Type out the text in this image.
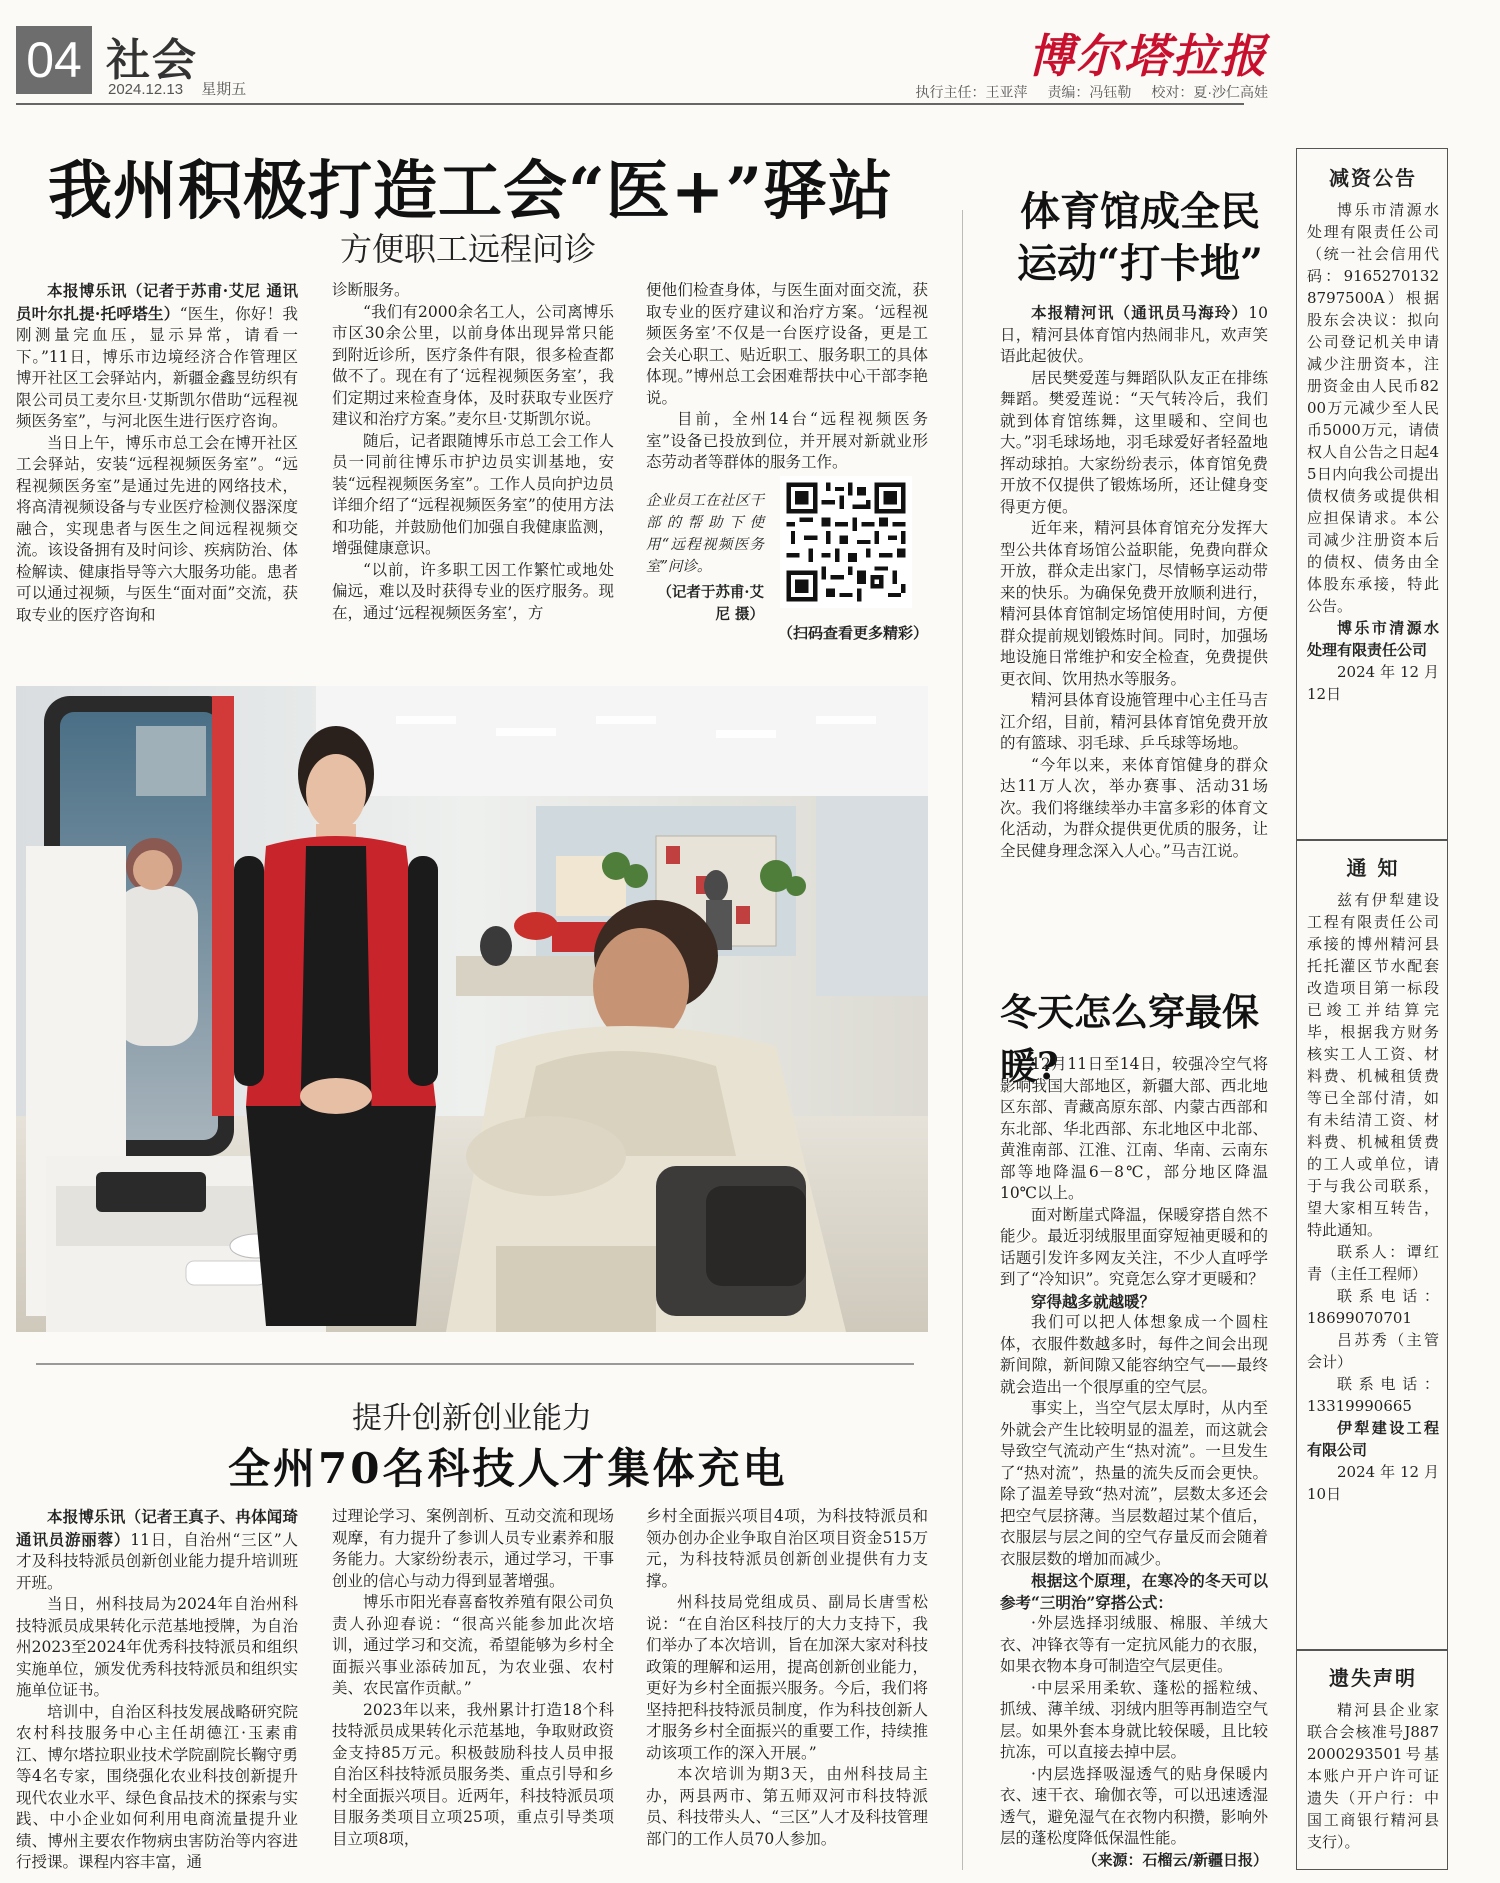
04 社会
2024.12.13 星期五
博尔塔拉报
执行主任：王亚萍 责编：冯钰勒 校对：夏·沙仁高娃
我州积极打造工会“医+”驿站
方便职工远程问诊

本报博乐讯（记者于苏甫·艾尼 通讯员叶尔扎提·托呼塔生）“医生，你好！我刚测量完血压，显示异常，请看一下。”11日，博乐市边境经济合作管理区博开社区工会驿站内，新疆金鑫昱纺织有限公司员工麦尔旦·艾斯凯尔借助“远程视频医务室”，与河北医生进行医疗咨询。

当日上午，博乐市总工会在博开社区工会驿站，安装“远程视频医务室”。“远程视频医务室”是通过先进的网络技术，将高清视频设备与专业医疗检测仪器深度融合，实现患者与医生之间远程视频交流。该设备拥有及时问诊、疾病防治、体检解读、健康指导等六大服务功能。患者可以通过视频，与医生“面对面”交流，获取专业的医疗咨询和

诊断服务。

“我们有2000余名工人，公司离博乐市区30余公里，以前身体出现异常只能到附近诊所，医疗条件有限，很多检查都做不了。现在有了‘远程视频医务室’，我们定期过来检查身体，及时获取专业医疗建议和治疗方案。”麦尔旦·艾斯凯尔说。

随后，记者跟随博乐市总工会工作人员一同前往博乐市护边员实训基地，安装“远程视频医务室”。工作人员向护边员详细介绍了“远程视频医务室”的使用方法和功能，并鼓励他们加强自我健康监测，增强健康意识。

“以前，许多职工因工作繁忙或地处偏远，难以及时获得专业的医疗服务。现在，通过‘远程视频医务室’，方

便他们检查身体，与医生面对面交流，获取专业的医疗建议和治疗方案。‘远程视频医务室’不仅是一台医疗设备，更是工会关心职工、贴近职工、服务职工的具体体现。”博州总工会困难帮扶中心干部李艳说。

目前，全州14台“远程视频医务室”设备已投放到位，并开展对新就业形态劳动者等群体的服务工作。

企业员工在社区干部的帮助下使用“远程视频医务室”问诊。
（记者于苏甫·艾尼 摄）
（扫码查看更多精彩）
提升创新创业能力
全州70名科技人才集体充电

本报博乐讯（记者王真子、冉体闻琦 通讯员游丽蓉）11日，自治州“三区”人才及科技特派员创新创业能力提升培训班开班。

当日，州科技局为2024年自治州科技特派员成果转化示范基地授牌，为自治州2023至2024年优秀科技特派员和组织实施单位，颁发优秀科技特派员和组织实施单位证书。

培训中，自治区科技发展战略研究院农村科技服务中心主任胡德江·玉素甫江、博尔塔拉职业技术学院副院长鞠守勇等4名专家，围绕强化农业科技创新提升现代农业水平、绿色食品技术的探索与实践、中小企业如何利用电商流量提升业绩、博州主要农作物病虫害防治等内容进行授课。课程内容丰富，通

过理论学习、案例剖析、互动交流和现场观摩，有力提升了参训人员专业素养和服务能力。大家纷纷表示，通过学习，干事创业的信心与动力得到显著增强。

博乐市阳光春喜畜牧养殖有限公司负责人孙迎春说：“很高兴能参加此次培训，通过学习和交流，希望能够为乡村全面振兴事业添砖加瓦，为农业强、农村美、农民富作贡献。”

2023年以来，我州累计打造18个科技特派员成果转化示范基地，争取财政资金支持85万元。积极鼓励科技人员申报自治区科技特派员服务类、重点引导和乡村全面振兴项目。近两年，科技特派员项目服务类项目立项25项，重点引导类项目立项8项，

乡村全面振兴项目4项，为科技特派员和领办创办企业争取自治区项目资金515万元，为科技特派员创新创业提供有力支撑。

州科技局党组成员、副局长唐雪松说：“在自治区科技厅的大力支持下，我们举办了本次培训，旨在加深大家对科技政策的理解和运用，提高创新创业能力，更好为乡村全面振兴服务。今后，我们将坚持把科技特派员制度，作为科技创新人才服务乡村全面振兴的重要工作，持续推动该项工作的深入开展。”

本次培训为期3天，由州科技局主办，两县两市、第五师双河市科技特派员、科技带头人、“三区”人才及科技管理部门的工作人员70人参加。

体育馆成全民
运动“打卡地”

本报精河讯（通讯员马海玲）10日，精河县体育馆内热闹非凡，欢声笑语此起彼伏。

居民樊爱莲与舞蹈队队友正在排练舞蹈。樊爱莲说：“天气转冷后，我们就到体育馆练舞，这里暖和、空间也大。”羽毛球场地，羽毛球爱好者轻盈地挥动球拍。大家纷纷表示，体育馆免费开放不仅提供了锻炼场所，还让健身变得更方便。

近年来，精河县体育馆充分发挥大型公共体育场馆公益职能，免费向群众开放，群众走出家门，尽情畅享运动带来的快乐。为确保免费开放顺利进行，精河县体育馆制定场馆使用时间，方便群众提前规划锻炼时间。同时，加强场地设施日常维护和安全检查，免费提供更衣间、饮用热水等服务。

精河县体育设施管理中心主任马吉江介绍，目前，精河县体育馆免费开放的有篮球、羽毛球、乒乓球等场地。

“今年以来，来体育馆健身的群众达11万人次，举办赛事、活动31场次。我们将继续举办丰富多彩的体育文化活动，为群众提供更优质的服务，让全民健身理念深入人心。”马吉江说。

冬天怎么穿最保暖?

12月11日至14日，较强冷空气将影响我国大部地区，新疆大部、西北地区东部、青藏高原东部、内蒙古西部和东北部、华北西部、东北地区中北部、黄淮南部、江淮、江南、华南、云南东部等地降温6－8℃，部分地区降温10℃以上。

面对断崖式降温，保暖穿搭自然不能少。最近羽绒服里面穿短袖更暖和的话题引发许多网友关注，不少人直呼学到了“冷知识”。究竟怎么穿才更暖和？

穿得越多就越暖？

我们可以把人体想象成一个圆柱体，衣服件数越多时，每件之间会出现新间隙，新间隙又能容纳空气——最终就会造出一个很厚重的空气层。

事实上，当空气层太厚时，从内至外就会产生比较明显的温差，而这就会导致空气流动产生“热对流”。一旦发生了“热对流”，热量的流失反而会更快。除了温差导致“热对流”，层数太多还会把空气层挤薄。当层数超过某个值后，衣服层与层之间的空气存量反而会随着衣服层数的增加而减少。

根据这个原理，在寒冷的冬天可以参考“三明治”穿搭公式：

·外层选择羽绒服、棉服、羊绒大衣、冲锋衣等有一定抗风能力的衣服，如果衣物本身可制造空气层更佳。

·中层采用柔软、蓬松的摇粒绒、抓绒、薄羊绒、羽绒内胆等再制造空气层。如果外套本身就比较保暖，且比较抗冻，可以直接去掉中层。

·内层选择吸湿透气的贴身保暖内衣、速干衣、瑜伽衣等，可以迅速透湿透气，避免湿气在衣物内积攒，影响外层的蓬松度降低保温性能。

（来源：石榴云/新疆日报）

减资公告

博乐市清源水处理有限责任公司（统一社会信用代码：91652701328797500A）根据股东会决议：拟向公司登记机关申请减少注册资本，注册资金由人民币8200万元减少至人民币5000万元，请债权人自公告之日起45日内向我公司提出债权债务或提供相应担保请求。本公司减少注册资本后的债权、债务由全体股东承接，特此公告。

博乐市清源水处理有限责任公司

2024年12月12日

通 知

兹有伊犁建设工程有限责任公司承接的博州精河县托托灌区节水配套改造项目第一标段已竣工并结算完毕，根据我方财务核实工人工资、材料费、机械租赁费等已全部付清，如有未结清工资、材料费、机械租赁费的工人或单位，请于与我公司联系，望大家相互转告，特此通知。

联系人：谭红青（主任工程师）

联系电话：18699070701

吕苏秀（主管会计）

联系电话：13319990665

伊犁建设工程有限公司

2024年12月10日

遗失声明

精河县企业家联合会核准号J8872000293501号基本账户开户许可证遗失（开户行：中国工商银行精河县支行）。
